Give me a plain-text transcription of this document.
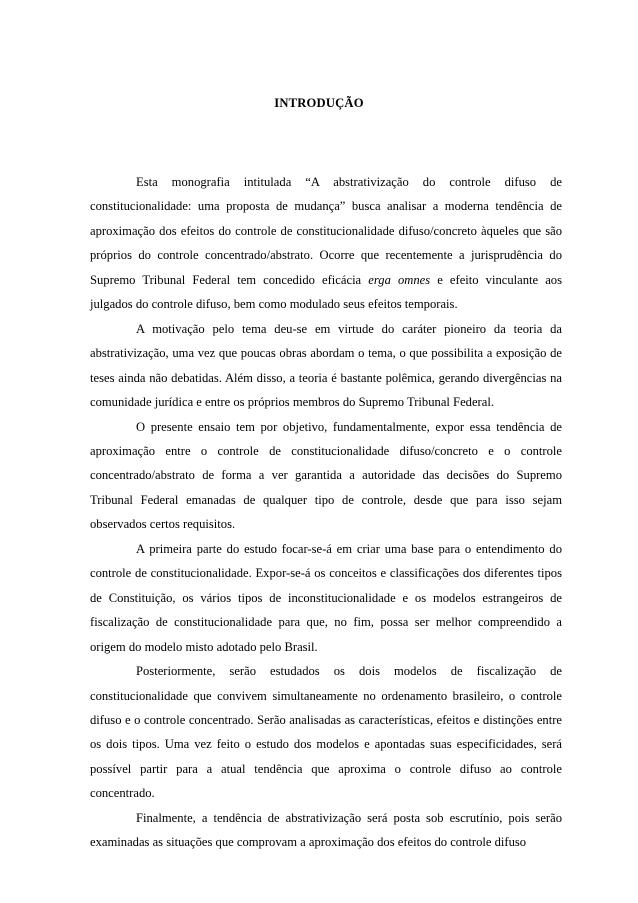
INTRODUÇÃO

Esta monografia intitulada “A abstrativização do controle difuso de constitucionalidade: uma proposta de mudança” busca analisar a moderna tendência de aproximação dos efeitos do controle de constitucionalidade difuso/concreto àqueles que são próprios do controle concentrado/abstrato. Ocorre que recentemente a jurisprudência do Supremo Tribunal Federal tem concedido eficácia erga omnes e efeito vinculante aos julgados do controle difuso, bem como modulado seus efeitos temporais.

A motivação pelo tema deu-se em virtude do caráter pioneiro da teoria da abstrativização, uma vez que poucas obras abordam o tema, o que possibilita a exposição de teses ainda não debatidas. Além disso, a teoria é bastante polêmica, gerando divergências na comunidade jurídica e entre os próprios membros do Supremo Tribunal Federal.

O presente ensaio tem por objetivo, fundamentalmente, expor essa tendência de aproximação entre o controle de constitucionalidade difuso/concreto e o controle concentrado/abstrato de forma a ver garantida a autoridade das decisões do Supremo Tribunal Federal emanadas de qualquer tipo de controle, desde que para isso sejam observados certos requisitos.

A primeira parte do estudo focar-se-á em criar uma base para o entendimento do controle de constitucionalidade. Expor-se-á os conceitos e classificações dos diferentes tipos de Constituição, os vários tipos de inconstitucionalidade e os modelos estrangeiros de fiscalização de constitucionalidade para que, no fim, possa ser melhor compreendido a origem do modelo misto adotado pelo Brasil.

Posteriormente, serão estudados os dois modelos de fiscalização de constitucionalidade que convivem simultaneamente no ordenamento brasileiro, o controle difuso e o controle concentrado. Serão analisadas as características, efeitos e distinções entre os dois tipos. Uma vez feito o estudo dos modelos e apontadas suas especificidades, será possível partir para a atual tendência que aproxima o controle difuso ao controle concentrado.

Finalmente, a tendência de abstrativização será posta sob escrutínio, pois serão examinadas as situações que comprovam a aproximação dos efeitos do controle difuso
